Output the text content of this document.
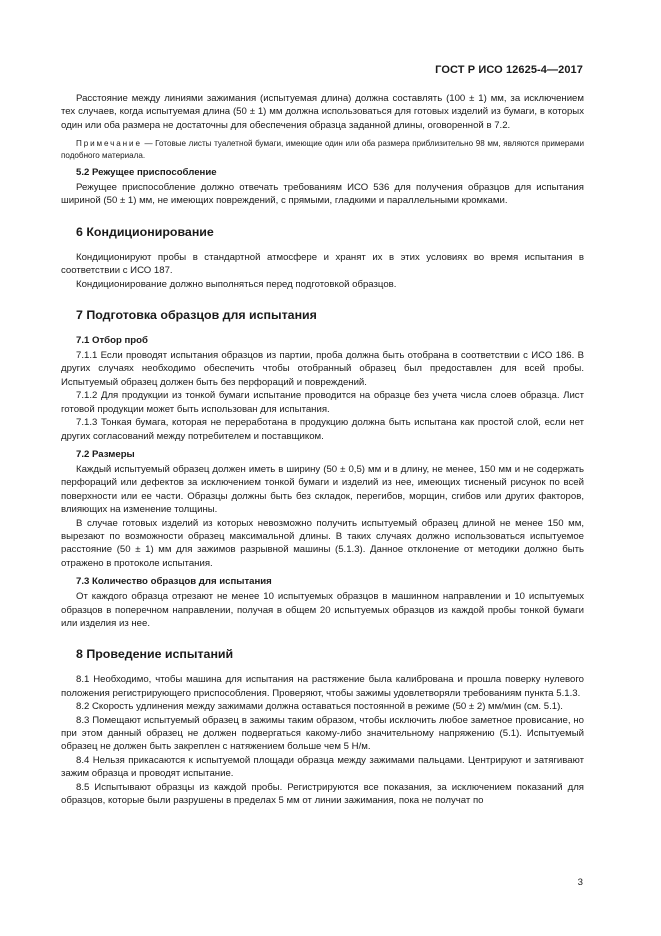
ГОСТ Р ИСО 12625-4—2017

Расстояние между линиями зажимания (испытуемая длина) должна составлять (100 ± 1) мм, за исключением тех случаев, когда испытуемая длина (50 ± 1) мм должна использоваться для готовых изделий из бумаги, в которых один или оба размера не достаточны для обеспечения образца заданной длины, оговоренной в 7.2.

Примечание — Готовые листы туалетной бумаги, имеющие один или оба размера приблизительно 98 мм, являются примерами подобного материала.

5.2 Режущее приспособление

Режущее приспособление должно отвечать требованиям ИСО 536 для получения образцов для испытания шириной (50 ± 1) мм, не имеющих повреждений, с прямыми, гладкими и параллельными кромками.

6 Кондиционирование

Кондиционируют пробы в стандартной атмосфере и хранят их в этих условиях во время испытания в соответствии с ИСО 187.

Кондиционирование должно выполняться перед подготовкой образцов.

7 Подготовка образцов для испытания
7.1 Отбор проб

7.1.1 Если проводят испытания образцов из партии, проба должна быть отобрана в соответствии с ИСО 186. В других случаях необходимо обеспечить чтобы отобранный образец был предоставлен для всей пробы. Испытуемый образец должен быть без перфораций и повреждений.

7.1.2 Для продукции из тонкой бумаги испытание проводится на образце без учета числа слоев образца. Лист готовой продукции может быть использован для испытания.

7.1.3 Тонкая бумага, которая не переработана в продукцию должна быть испытана как простой слой, если нет других согласований между потребителем и поставщиком.

7.2 Размеры

Каждый испытуемый образец должен иметь в ширину (50 ± 0,5) мм и в длину, не менее, 150 мм и не содержать перфораций или дефектов за исключением тонкой бумаги и изделий из нее, имеющих тисненый рисунок по всей поверхности или ее части. Образцы должны быть без складок, перегибов, морщин, сгибов или других факторов, влияющих на изменение толщины.

В случае готовых изделий из которых невозможно получить испытуемый образец длиной не менее 150 мм, вырезают по возможности образец максимальной длины. В таких случаях должно использоваться испытуемое расстояние (50 ± 1) мм для зажимов разрывной машины (5.1.3). Данное отклонение от методики должно быть отражено в протоколе испытания.

7.3 Количество образцов для испытания

От каждого образца отрезают не менее 10 испытуемых образцов в машинном направлении и 10 испытуемых образцов в поперечном направлении, получая в общем 20 испытуемых образцов из каждой пробы тонкой бумаги или изделия из нее.

8 Проведение испытаний

8.1 Необходимо, чтобы машина для испытания на растяжение была калибрована и прошла поверку нулевого положения регистрирующего приспособления. Проверяют, чтобы зажимы удовлетворяли требованиям пункта 5.1.3.

8.2 Скорость удлинения между зажимами должна оставаться постоянной в режиме (50 ± 2) мм/мин (см. 5.1).

8.3 Помещают испытуемый образец в зажимы таким образом, чтобы исключить любое заметное провисание, но при этом данный образец не должен подвергаться какому-либо значительному напряжению (5.1). Испытуемый образец не должен быть закреплен с натяжением больше чем 5 Н/м.

8.4 Нельзя прикасаются к испытуемой площади образца между зажимами пальцами. Центрируют и затягивают зажим образца и проводят испытание.

8.5 Испытывают образцы из каждой пробы. Регистрируются все показания, за исключением показаний для образцов, которые были разрушены в пределах 5 мм от линии зажимания, пока не получат по

3
